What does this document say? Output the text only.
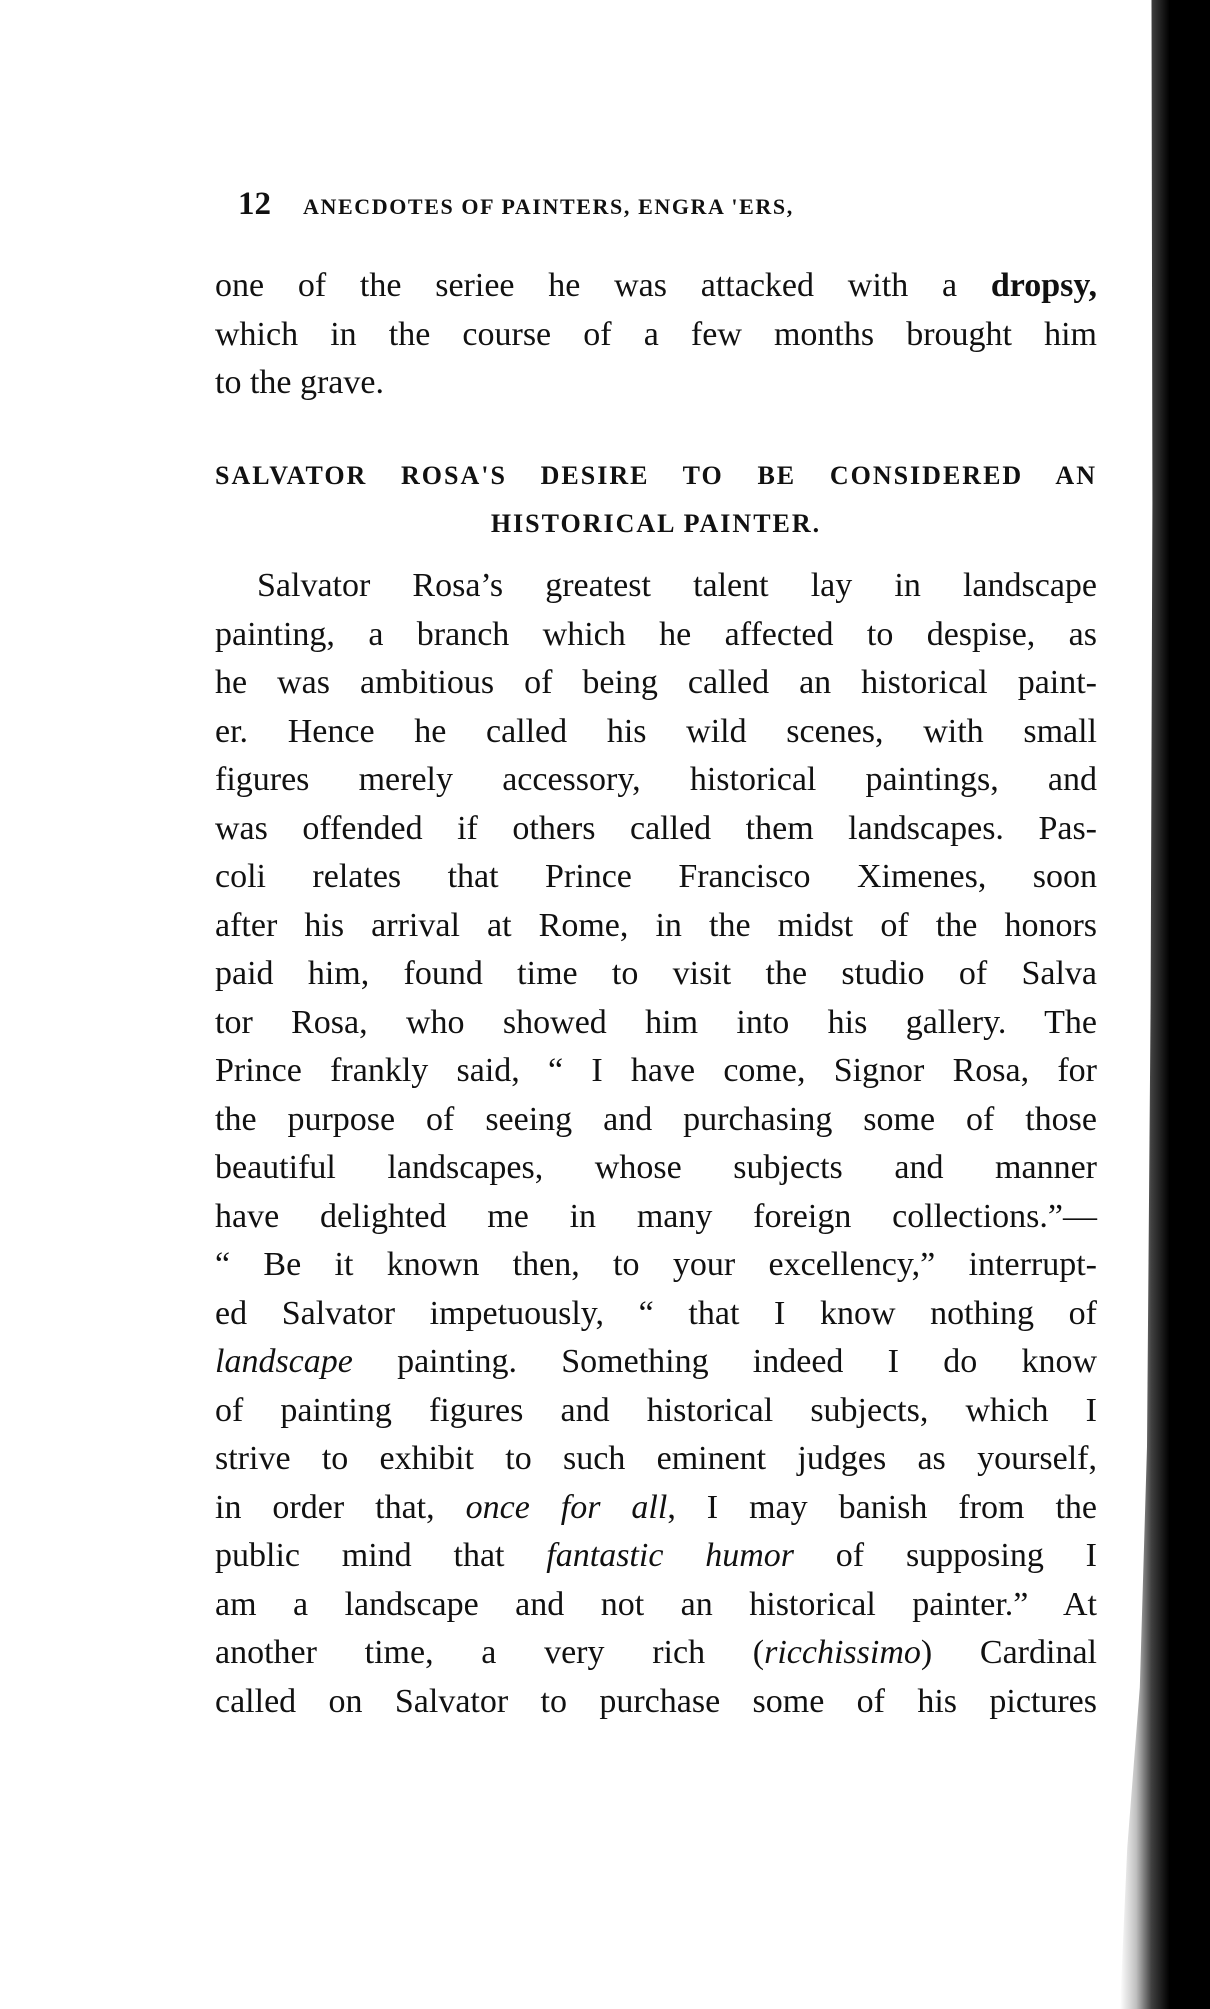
12 ANECDOTES OF PAINTERS, ENGRA 'ERS,
one of the serieе he was attacked with a dropsy,
which in the course of a few months brought him
to the grave.
SALVATOR ROSA'S DESIRE TO BE CONSIDERED AN
HISTORICAL PAINTER.
Salvator Rosa’s greatest talent lay in landscape
painting, a branch which he affected to despise, as
he was ambitious of being called an historical paint-
er. Hence he called his wild scenes, with small
figures merely accessory, historical paintings, and
was offended if others called them landscapes. Pas-
coli relates that Prince Francisco Ximenes, soon
after his arrival at Rome, in the midst of the honors
paid him, found time to visit the studio of Salva
tor Rosa, who showed him into his gallery. The
Prince frankly said, “ I have come, Signor Rosa, for
the purpose of seeing and purchasing some of those
beautiful landscapes, whose subjects and manner
have delighted me in many foreign collections.”—
“ Be it known then, to your excellency,” interrupt-
ed Salvator impetuously, “ that I know nothing of
landscape painting. Something indeed I do know
of painting figures and historical subjects, which I
strive to exhibit to such eminent judges as yourself,
in order that, once for all, I may banish from the
public mind that fantastic humor of supposing I
am a landscape and not an historical painter.” At
another time, a very rich (ricchissimo) Cardinal
called on Salvator to purchase some of his pictures
